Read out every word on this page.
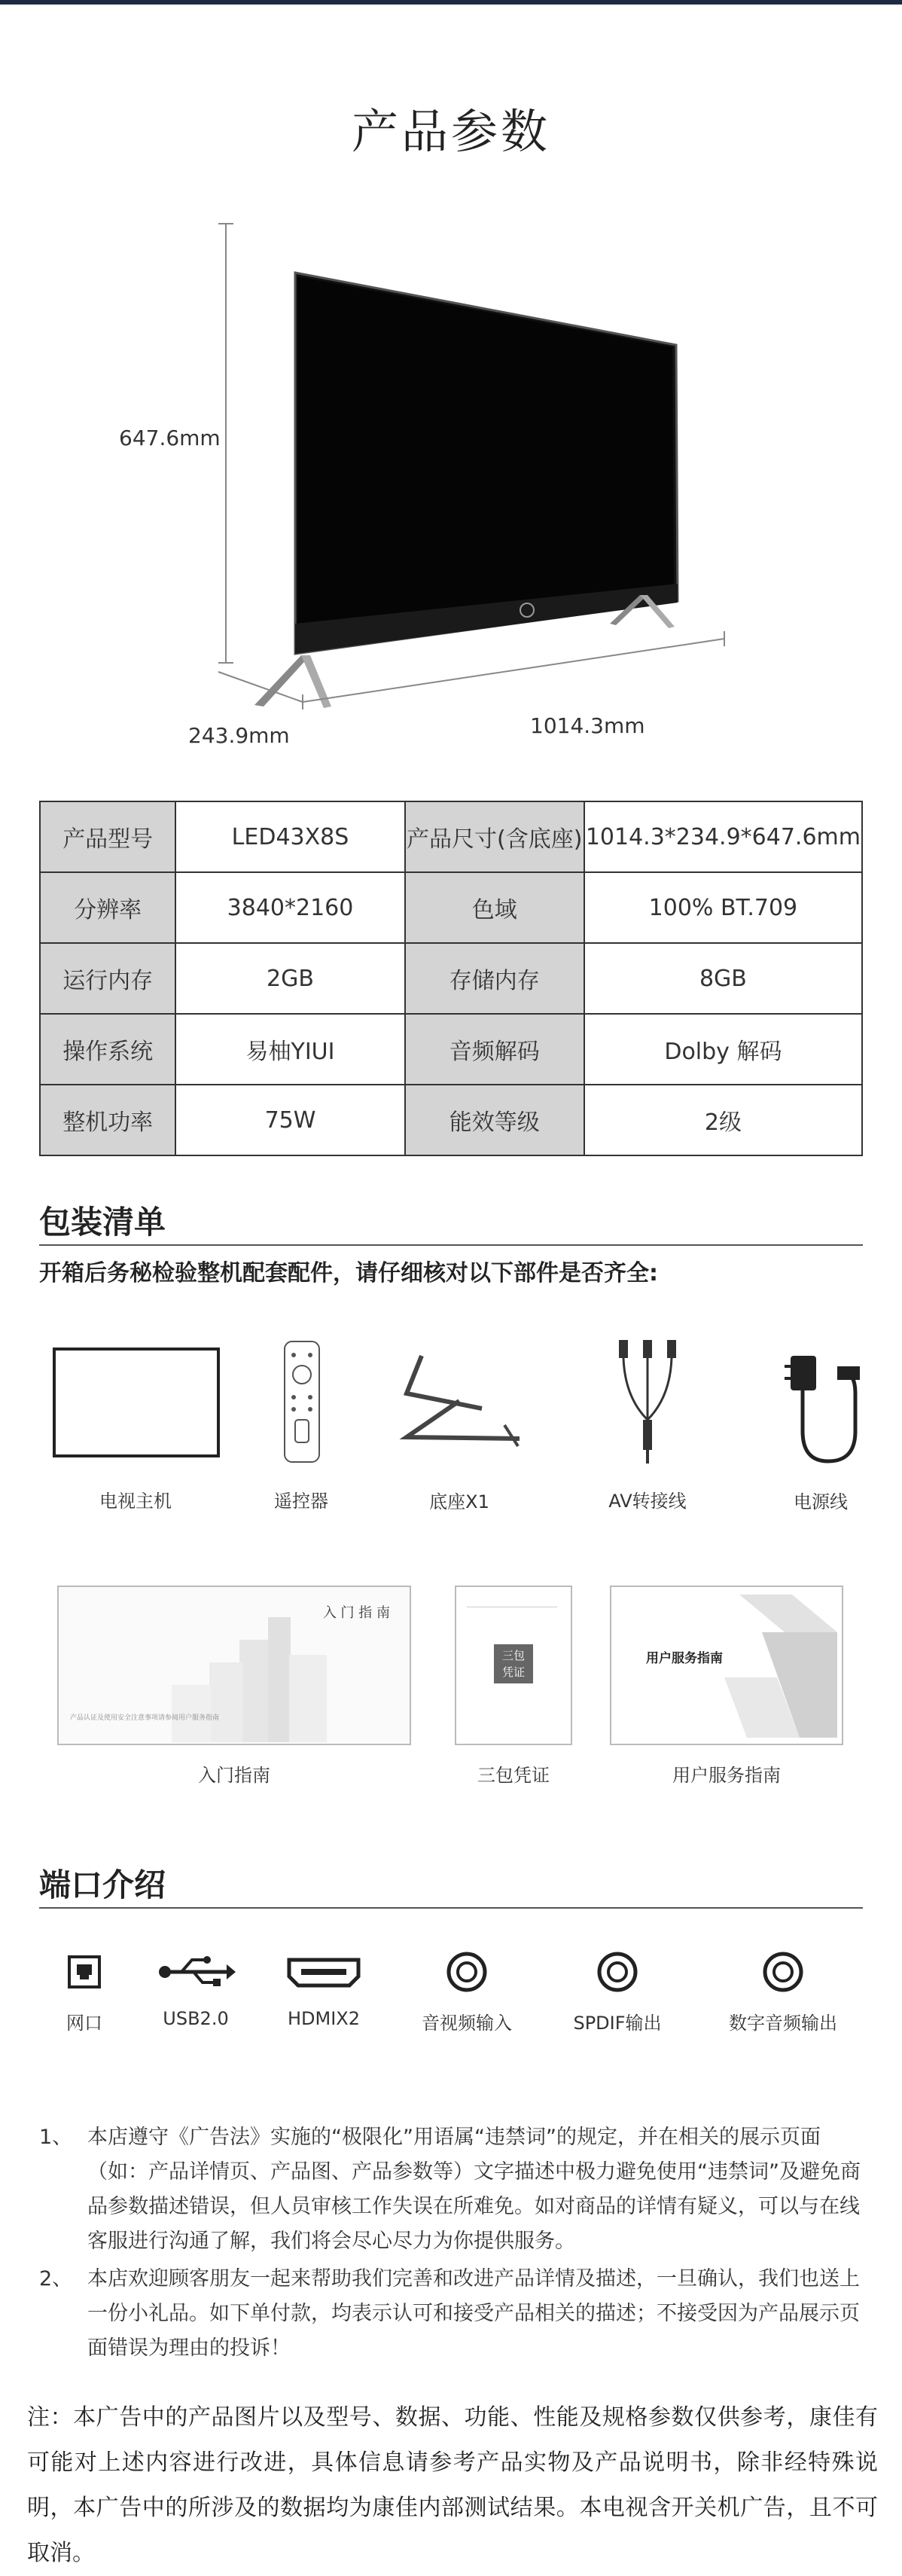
产品参数
647.6mm
243.9mm	1014.3mm
产品型号	LED43X8S	产品尺寸(含底座)	1014.3*234.9*647.6mm
分辨率	3840*2160	色域	100% BT.709
运行内存	2GB	存储内存	8GB
操作系统	易柚YIUI	音频解码	Dolby 解码
整机功率	75W	能效等级	2级
包装清单
开箱后务秘检验整机配套配件，请仔细核对以下部件是否齐全:
电视主机	遥控器	底座X1	AV转接线	电源线
入 门 指 南
产品认证及使用安全注意事项请参阅用户服务指南
入门指南
三包
凭证
三包凭证
用户服务指南
用户服务指南
端口介绍
网口	USB2.0	HDMIX2	音视频输入	SPDIF输出	数字音频输出
1、 本店遵守《广告法》实施的“极限化”用语属“违禁词”的规定，并在相关的展示页面（如：产品详情页、产品图、产品参数等）文字描述中极力避免使用“违禁词”及避免商品参数描述错误，但人员审核工作失误在所难免。如对商品的详情有疑义，可以与在线客服进行沟通了解，我们将会尽心尽力为你提供服务。
2、 本店欢迎顾客朋友一起来帮助我们完善和改进产品详情及描述，一旦确认，我们也送上一份小礼品。如下单付款，均表示认可和接受产品相关的描述；不接受因为产品展示页面错误为理由的投诉！
注：本广告中的产品图片以及型号、数据、功能、性能及规格参数仅供参考，康佳有可能对上述内容进行改进，具体信息请参考产品实物及产品说明书，除非经特殊说明，本广告中的所涉及的数据均为康佳内部测试结果。本电视含开关机广告，且不可取消。
